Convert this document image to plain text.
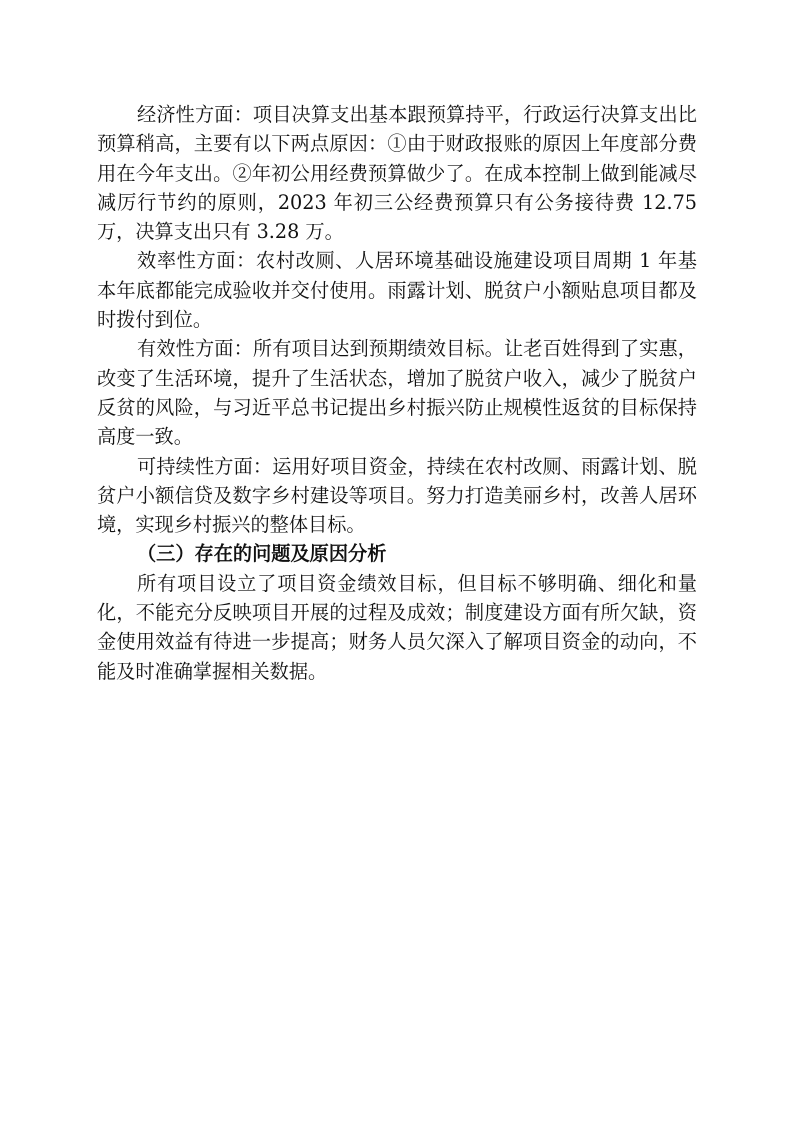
经济性方面：项目决算支出基本跟预算持平，行政运行决算支出比预算稍高，主要有以下两点原因：①由于财政报账的原因上年度部分费用在今年支出。②年初公用经费预算做少了。在成本控制上做到能减尽减厉行节约的原则，2023 年初三公经费预算只有公务接待费 12.75 万，决算支出只有 3.28 万。

效率性方面：农村改厕、人居环境基础设施建设项目周期 1 年基本年底都能完成验收并交付使用。雨露计划、脱贫户小额贴息项目都及时拨付到位。

有效性方面：所有项目达到预期绩效目标。让老百姓得到了实惠，改变了生活环境，提升了生活状态，增加了脱贫户收入，减少了脱贫户反贫的风险，与习近平总书记提出乡村振兴防止规模性返贫的目标保持高度一致。

可持续性方面：运用好项目资金，持续在农村改厕、雨露计划、脱贫户小额信贷及数字乡村建设等项目。努力打造美丽乡村，改善人居环境，实现乡村振兴的整体目标。

（三）存在的问题及原因分析

所有项目设立了项目资金绩效目标，但目标不够明确、细化和量化，不能充分反映项目开展的过程及成效；制度建设方面有所欠缺，资金使用效益有待进一步提高；财务人员欠深入了解项目资金的动向，不能及时准确掌握相关数据。
